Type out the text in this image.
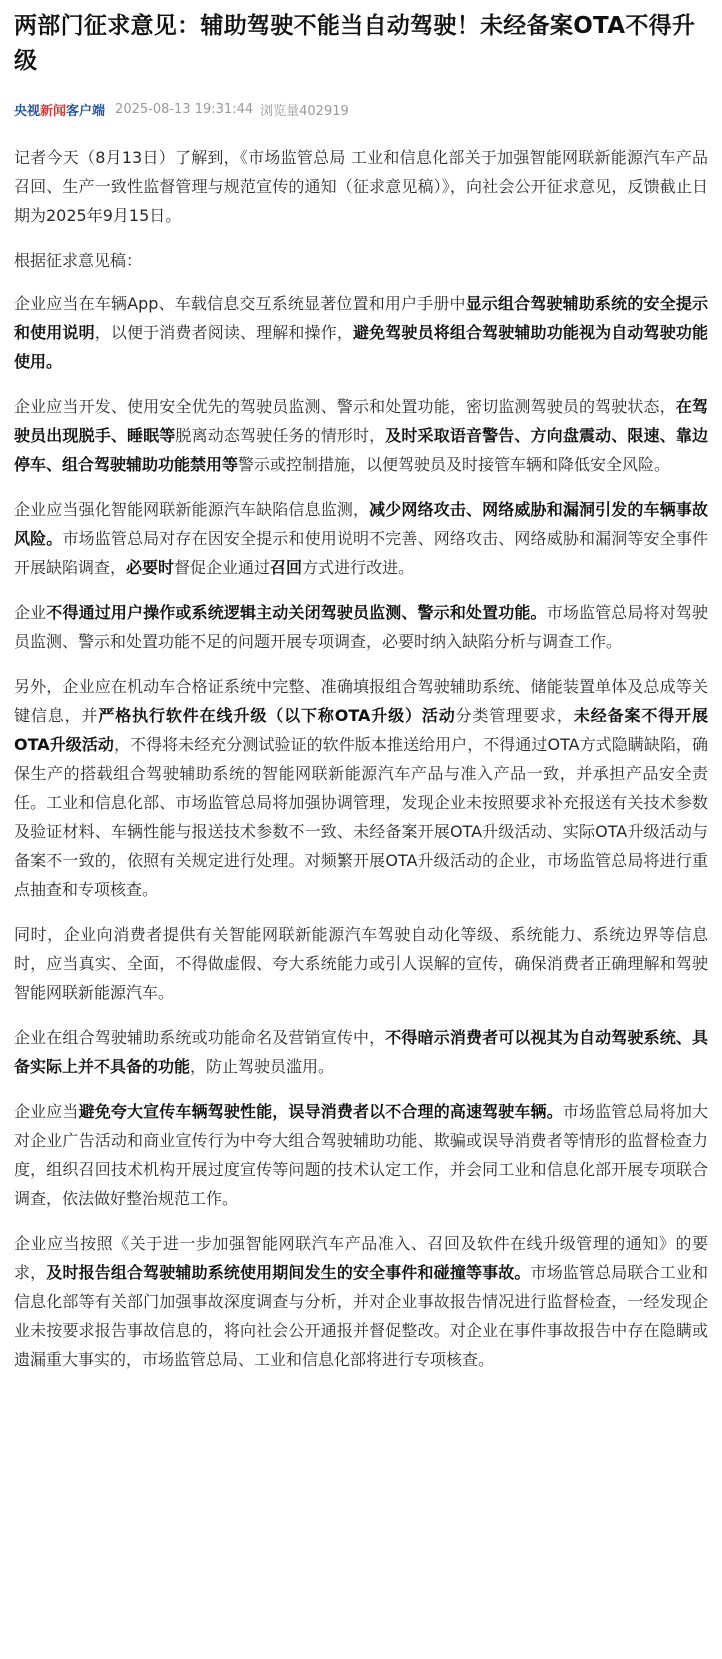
两部门征求意见：辅助驾驶不能当自动驾驶！未经备案OTA不得升级
央视新闻客户端 2025-08-13 19:31:44 浏览量402919

记者今天（8月13日）了解到，《市场监管总局 工业和信息化部关于加强智能网联新能源汽车产品召回、生产一致性监督管理与规范宣传的通知（征求意见稿）》，向社会公开征求意见，反馈截止日期为2025年9月15日。

根据征求意见稿：

企业应当在车辆App、车载信息交互系统显著位置和用户手册中显示组合驾驶辅助系统的安全提示和使用说明，以便于消费者阅读、理解和操作，避免驾驶员将组合驾驶辅助功能视为自动驾驶功能使用。

企业应当开发、使用安全优先的驾驶员监测、警示和处置功能，密切监测驾驶员的驾驶状态，在驾驶员出现脱手、睡眠等脱离动态驾驶任务的情形时，及时采取语音警告、方向盘震动、限速、靠边停车、组合驾驶辅助功能禁用等警示或控制措施，以便驾驶员及时接管车辆和降低安全风险。

企业应当强化智能网联新能源汽车缺陷信息监测，减少网络攻击、网络威胁和漏洞引发的车辆事故风险。市场监管总局对存在因安全提示和使用说明不完善、网络攻击、网络威胁和漏洞等安全事件开展缺陷调查，必要时督促企业通过召回方式进行改进。

企业不得通过用户操作或系统逻辑主动关闭驾驶员监测、警示和处置功能。市场监管总局将对驾驶员监测、警示和处置功能不足的问题开展专项调查，必要时纳入缺陷分析与调查工作。

另外，企业应在机动车合格证系统中完整、准确填报组合驾驶辅助系统、储能装置单体及总成等关键信息，并严格执行软件在线升级（以下称OTA升级）活动分类管理要求，未经备案不得开展OTA升级活动，不得将未经充分测试验证的软件版本推送给用户，不得通过OTA方式隐瞒缺陷，确保生产的搭载组合驾驶辅助系统的智能网联新能源汽车产品与准入产品一致，并承担产品安全责任。工业和信息化部、市场监管总局将加强协调管理，发现企业未按照要求补充报送有关技术参数及验证材料、车辆性能与报送技术参数不一致、未经备案开展OTA升级活动、实际OTA升级活动与备案不一致的，依照有关规定进行处理。对频繁开展OTA升级活动的企业，市场监管总局将进行重点抽查和专项核查。

同时，企业向消费者提供有关智能网联新能源汽车驾驶自动化等级、系统能力、系统边界等信息时，应当真实、全面，不得做虚假、夸大系统能力或引人误解的宣传，确保消费者正确理解和驾驶智能网联新能源汽车。

企业在组合驾驶辅助系统或功能命名及营销宣传中，不得暗示消费者可以视其为自动驾驶系统、具备实际上并不具备的功能，防止驾驶员滥用。

企业应当避免夸大宣传车辆驾驶性能，误导消费者以不合理的高速驾驶车辆。市场监管总局将加大对企业广告活动和商业宣传行为中夸大组合驾驶辅助功能、欺骗或误导消费者等情形的监督检查力度，组织召回技术机构开展过度宣传等问题的技术认定工作，并会同工业和信息化部开展专项联合调查，依法做好整治规范工作。

企业应当按照《关于进一步加强智能网联汽车产品准入、召回及软件在线升级管理的通知》的要求，及时报告组合驾驶辅助系统使用期间发生的安全事件和碰撞等事故。市场监管总局联合工业和信息化部等有关部门加强事故深度调查与分析，并对企业事故报告情况进行监督检查，一经发现企业未按要求报告事故信息的，将向社会公开通报并督促整改。对企业在事件事故报告中存在隐瞒或遗漏重大事实的，市场监管总局、工业和信息化部将进行专项核查。
